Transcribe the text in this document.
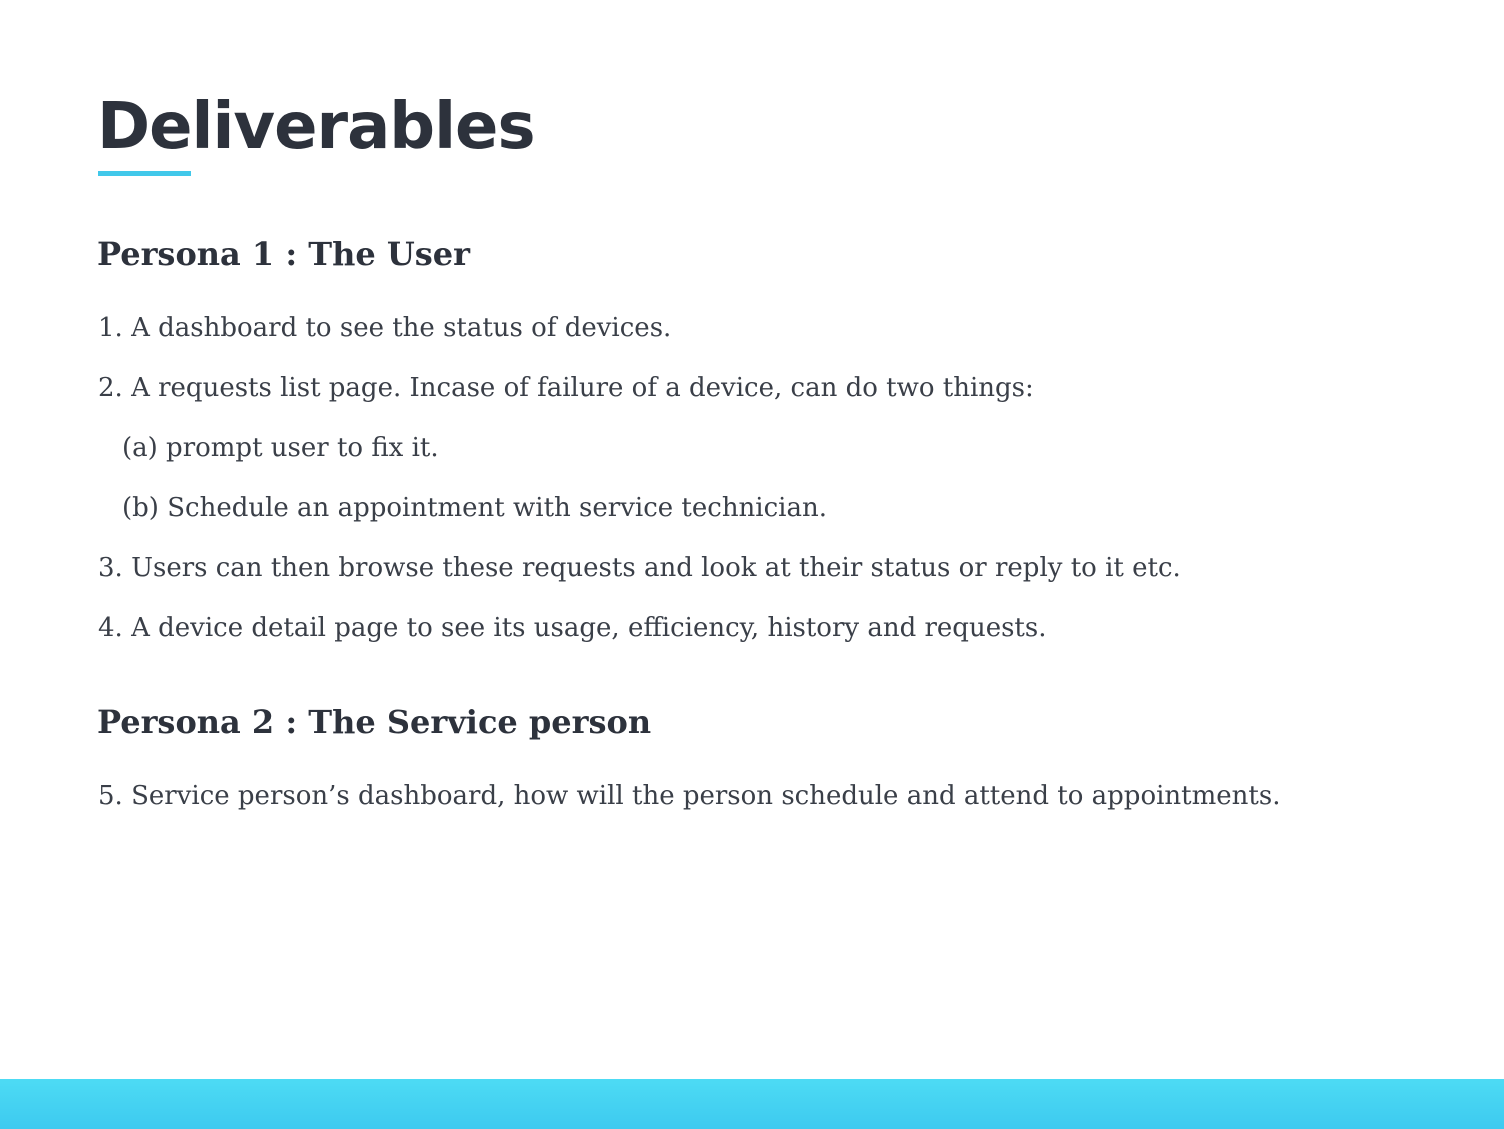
Deliverables
Persona 1 : The User

1. A dashboard to see the status of devices.

2. A requests list page. Incase of failure of a device, can do two things:

(a) prompt user to fix it.

(b) Schedule an appointment with service technician.

3. Users can then browse these requests and look at their status or reply to it etc.

4. A device detail page to see its usage, efficiency, history and requests.

Persona 2 : The Service person

5. Service person’s dashboard, how will the person schedule and attend to appointments.
